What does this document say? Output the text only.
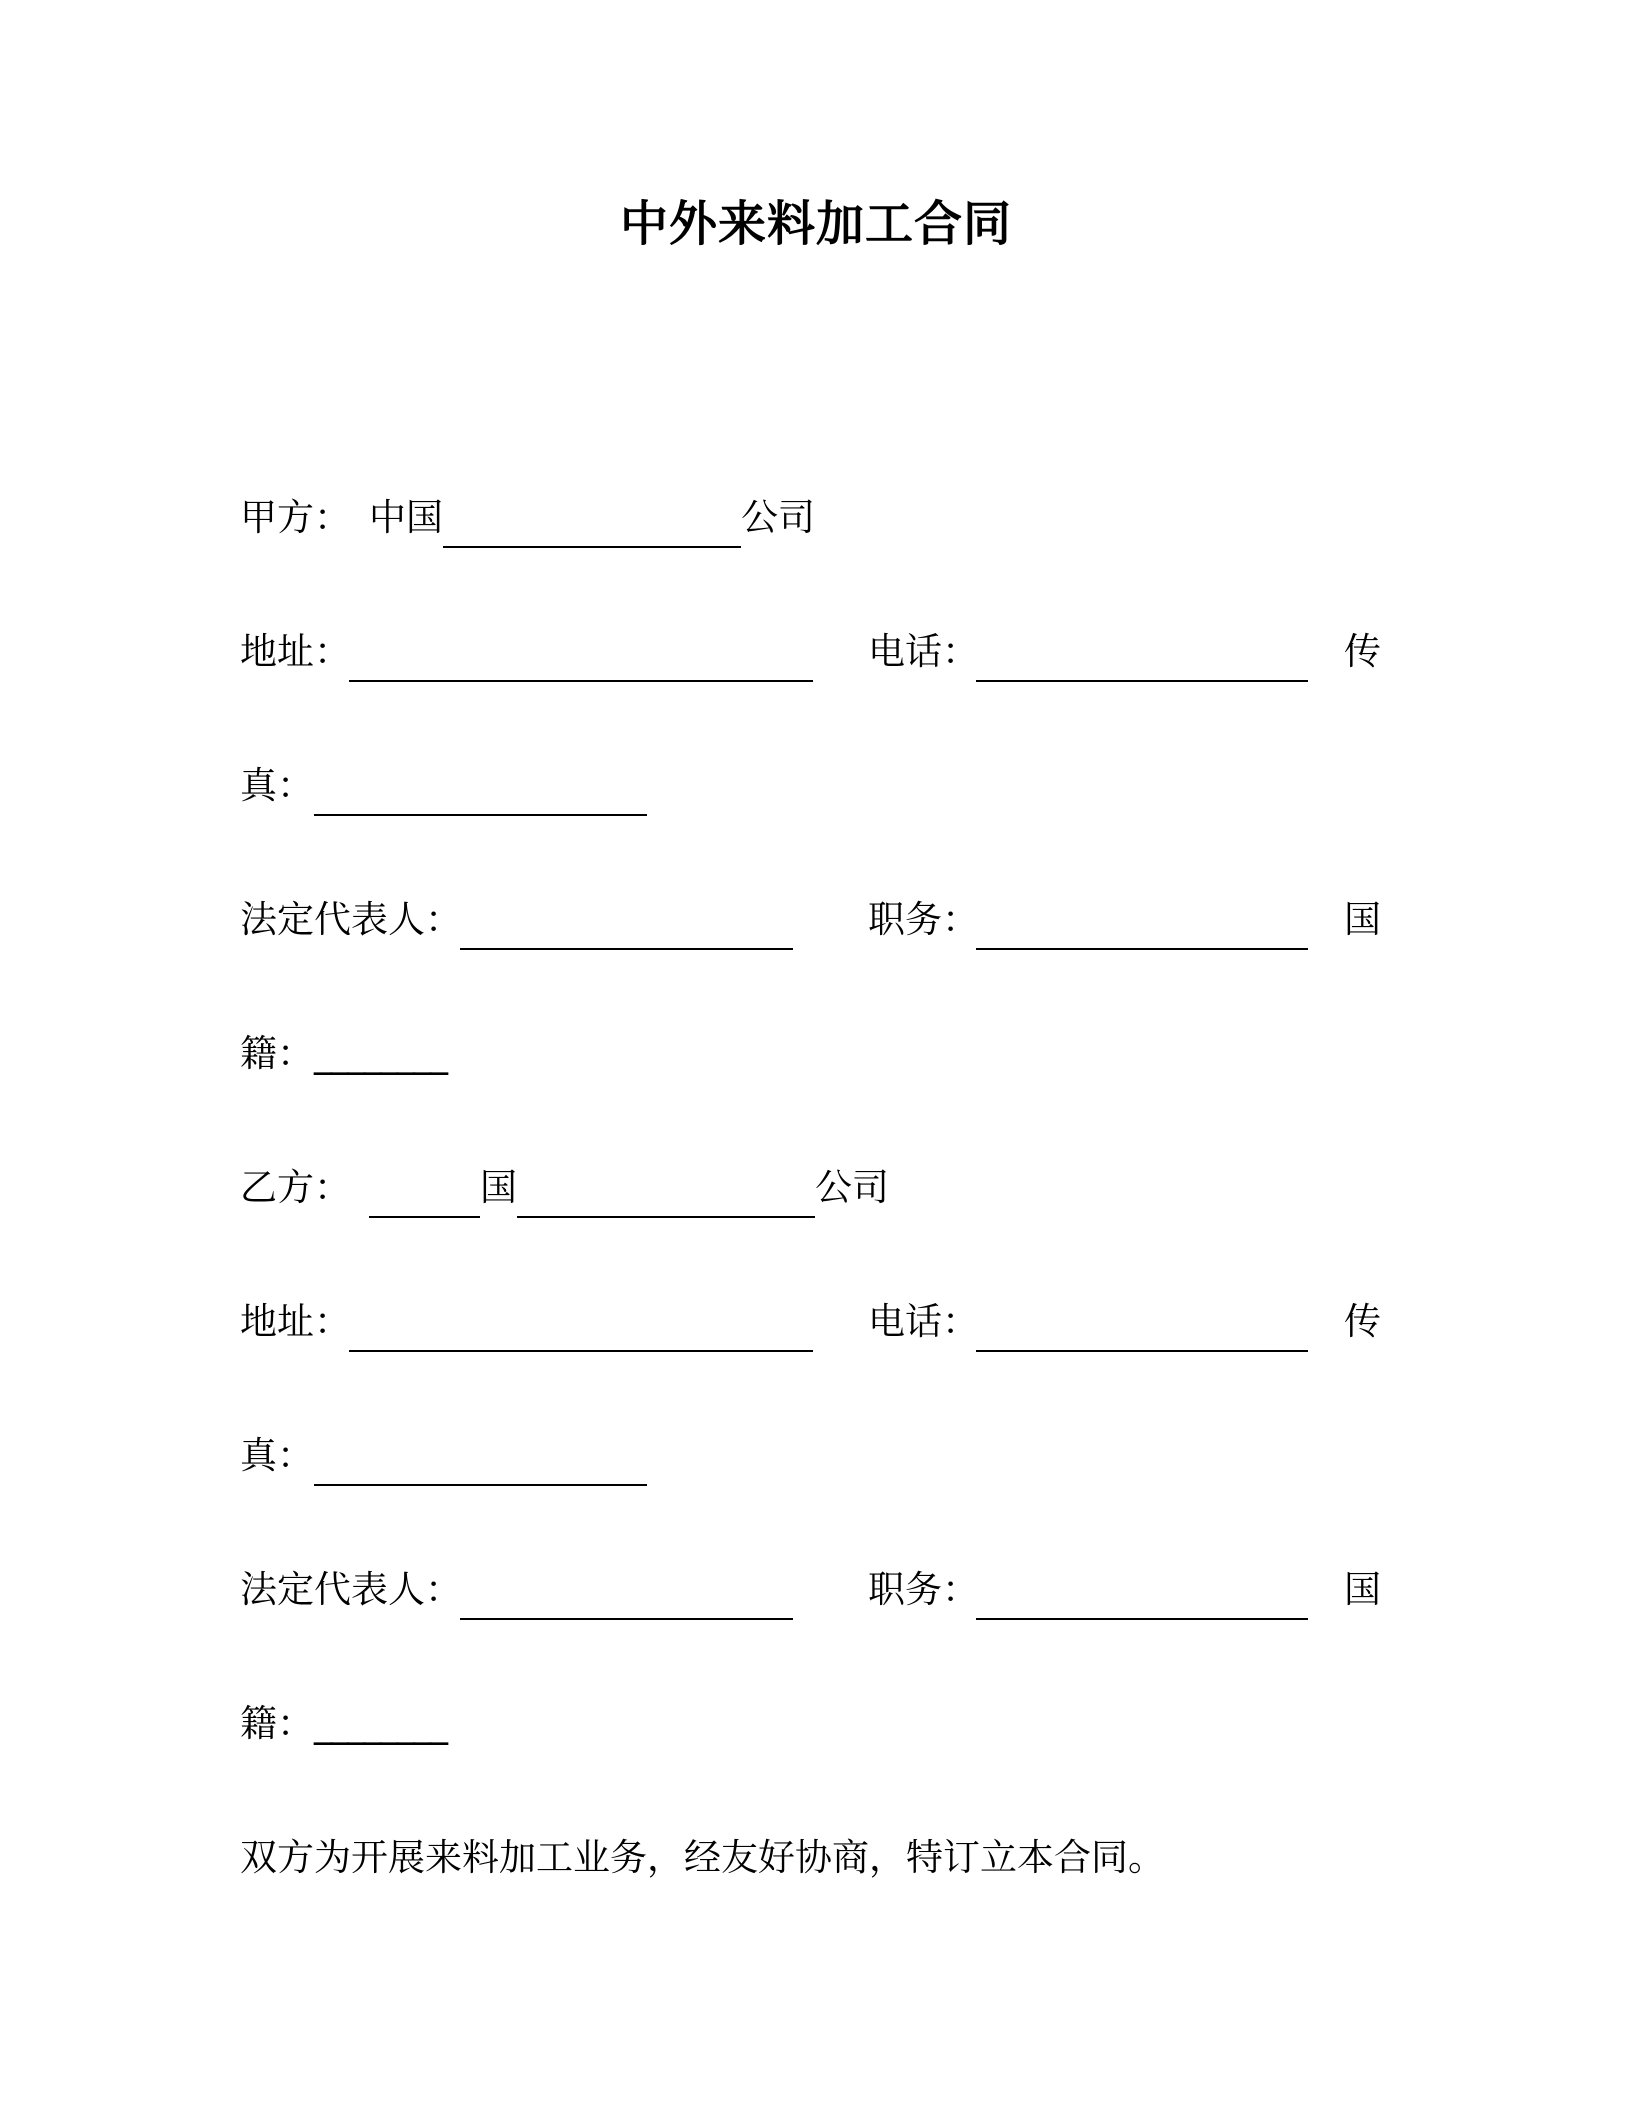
中外来料加工合同
甲方： 中国	公司
地址：	电话：	传
真：
法定代表人：	职务：	国
籍： ________
乙方：	国	公司
地址：	电话：	传
真：
法定代表人：	职务：	国
籍： ________
双方为开展来料加工业务，经友好协商，特订立本合同。
